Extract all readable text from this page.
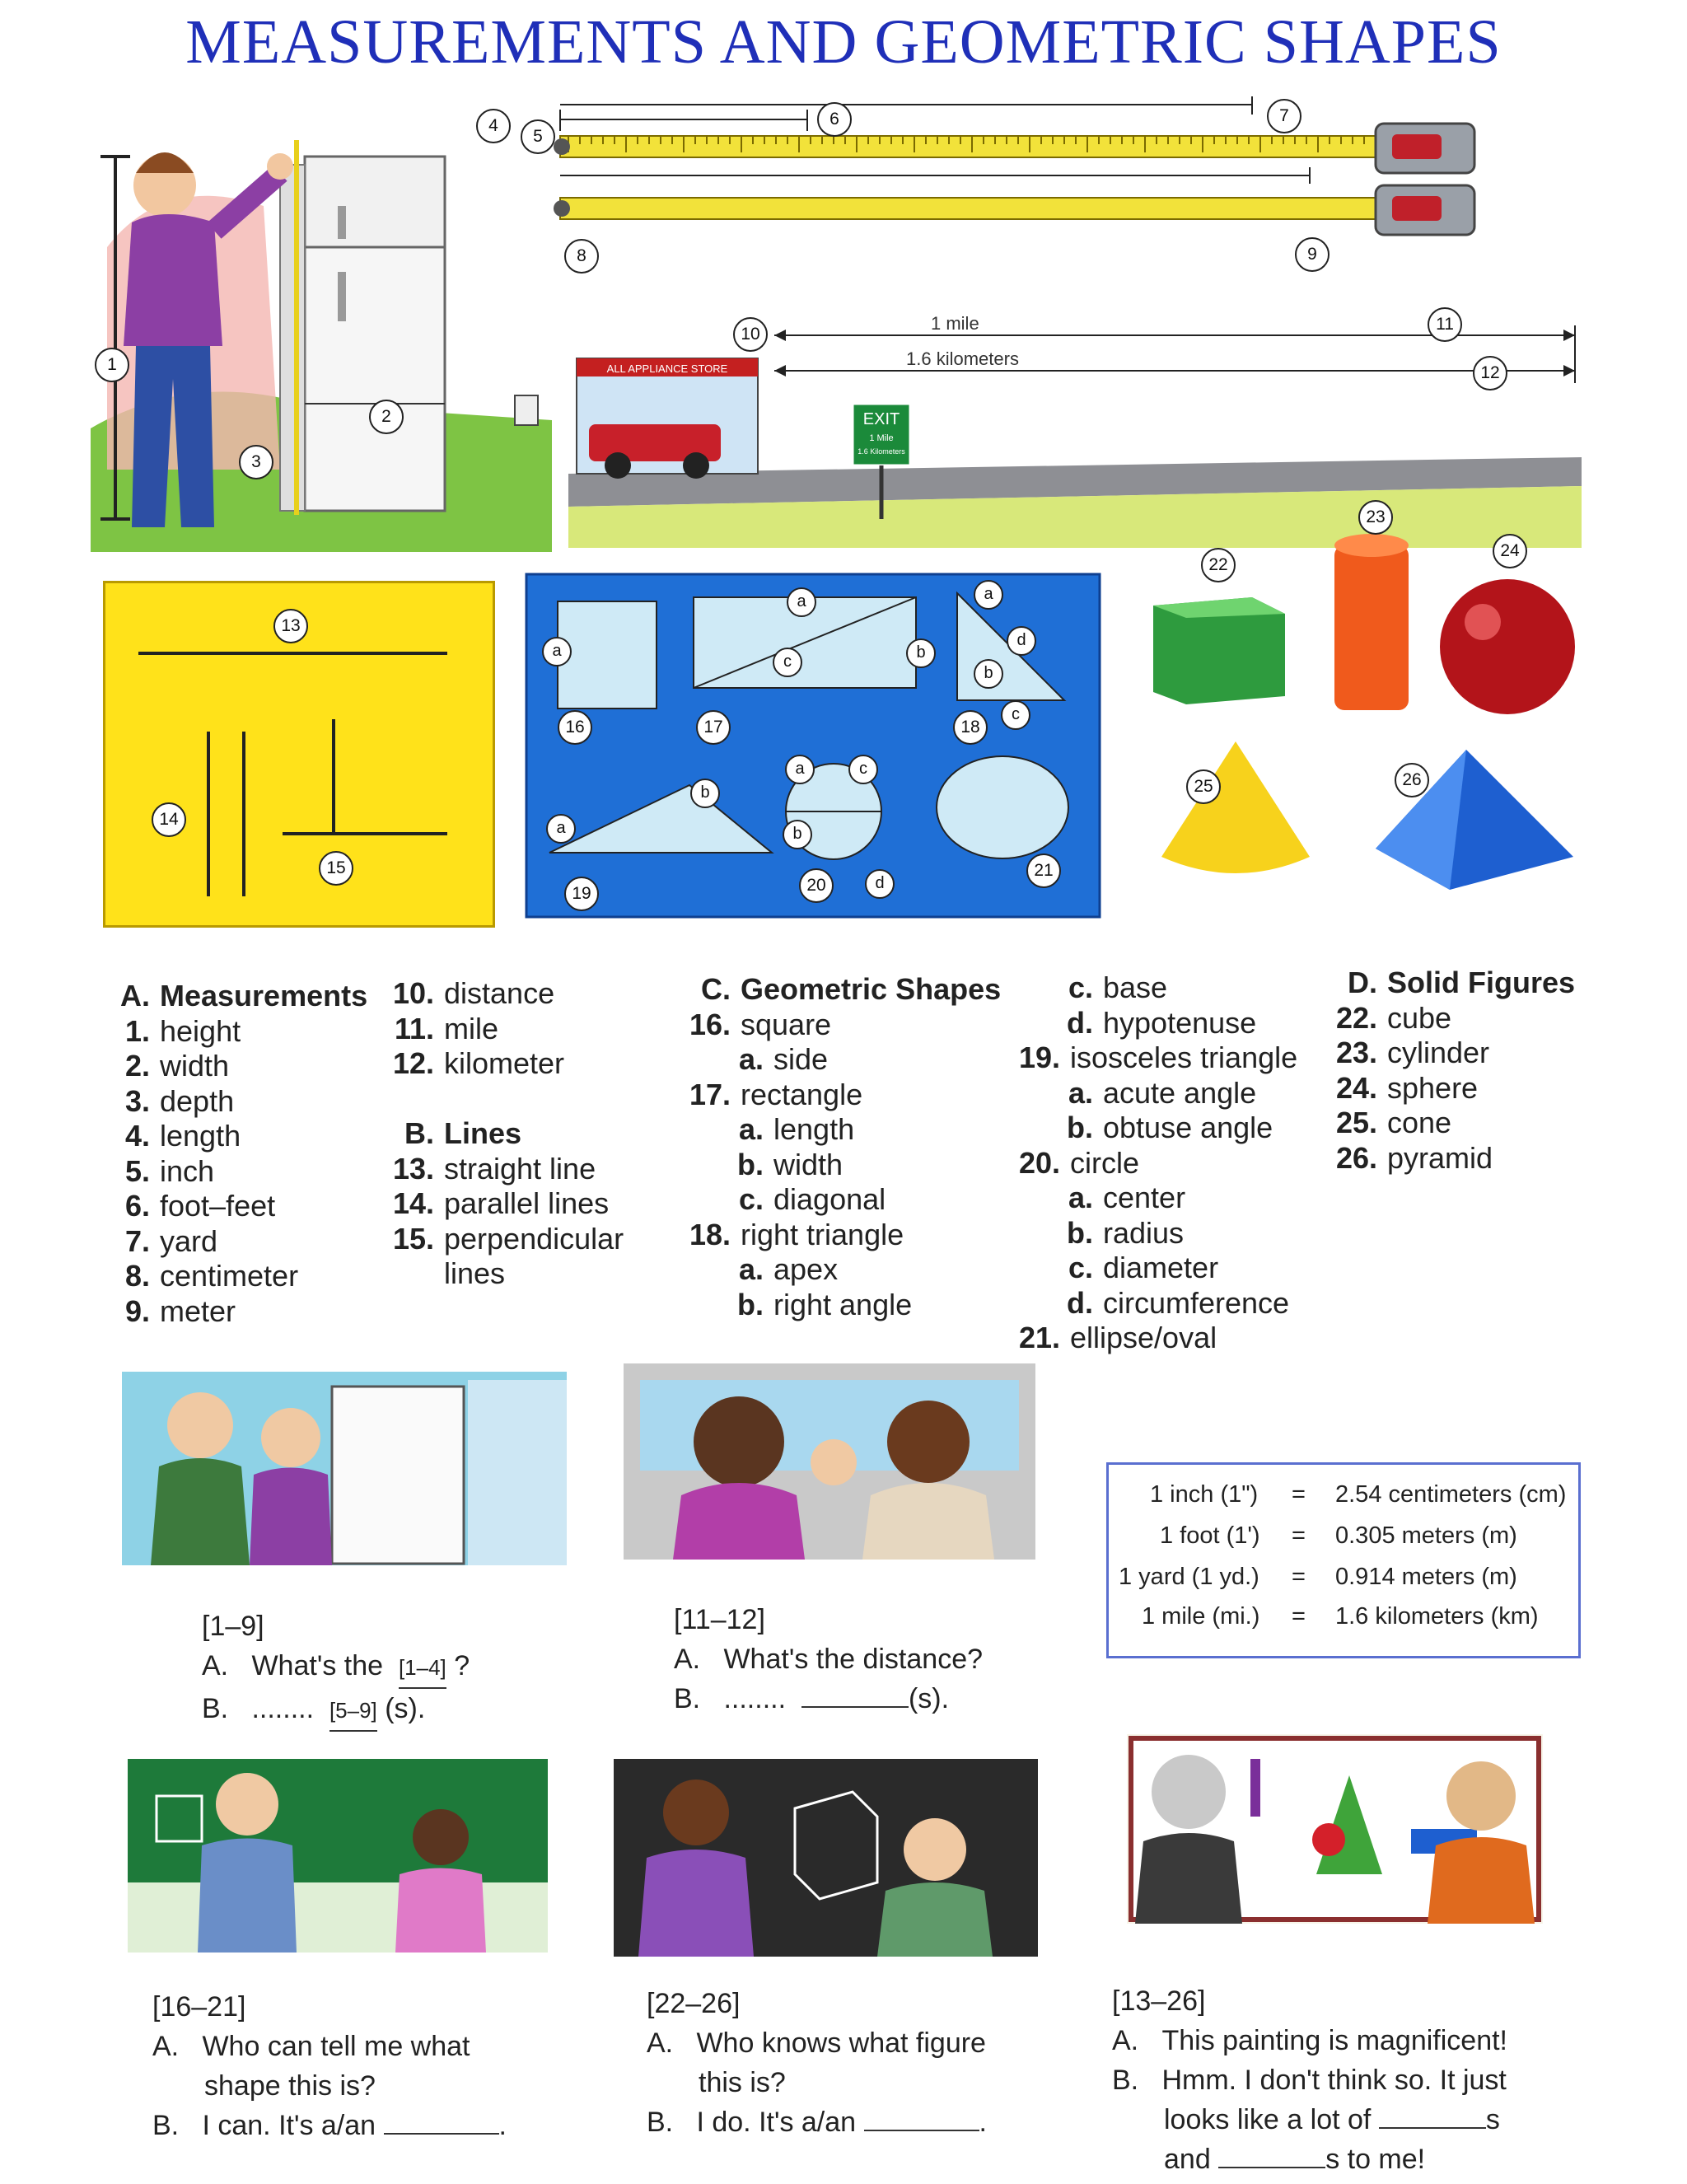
MEASUREMENTS AND GEOMETRIC SHAPES
ALL APPLIANCE STORE
EXIT
1 Mile
1.6 Kilometers
1 mile
1.6 kilometers
1
2
3
4
5
6	7
8	9
10
11
12
13
14
15
16	17	18
19	20
21
22
23
24
25	26
a
a
b
c
a
b
c
d
a
b
a
b
c
d
A. Measurements
1. height
2. width
3. depth
4. length
5. inch
6. foot–feet
7. yard
8. centimeter
9. meter
10. distance
11. mile
12. kilometer

B. Lines
13. straight line
14. parallel lines
15. perpendicular
lines
C. Geometric Shapes
16. square
a. side
17. rectangle
a. length
b. width
c. diagonal
18. right triangle
a. apex
b. right angle
c. base
d. hypotenuse
19. isosceles triangle
a. acute angle
b. obtuse angle
20. circle
a. center
b. radius
c. diameter
d. circumference
21. ellipse/oval
D. Solid Figures
22. cube
23. cylinder
24. sphere
25. cone
26. pyramid
1 inch (1") = 2.54 centimeters (cm)
1 foot (1') = 0.305 meters (m)
1 yard (1 yd.) = 0.914 meters (m)
1 mile (mi.) = 1.6 kilometers (km)
[1–9]
A. What's the [1–4] ?
B. ........ [5–9] (s).
[11–12]
A. What's the distance?
B. ........	(s).
[16–21]
A. Who can tell me what
shape this is?
B. I can. It's a/an	.
[22–26]
A. Who knows what figure
this is?
B. I do. It's a/an	.
[13–26]
A. This painting is magnificent!
B. Hmm. I don't think so. It just
looks like a lot of	s
and	s to me!
